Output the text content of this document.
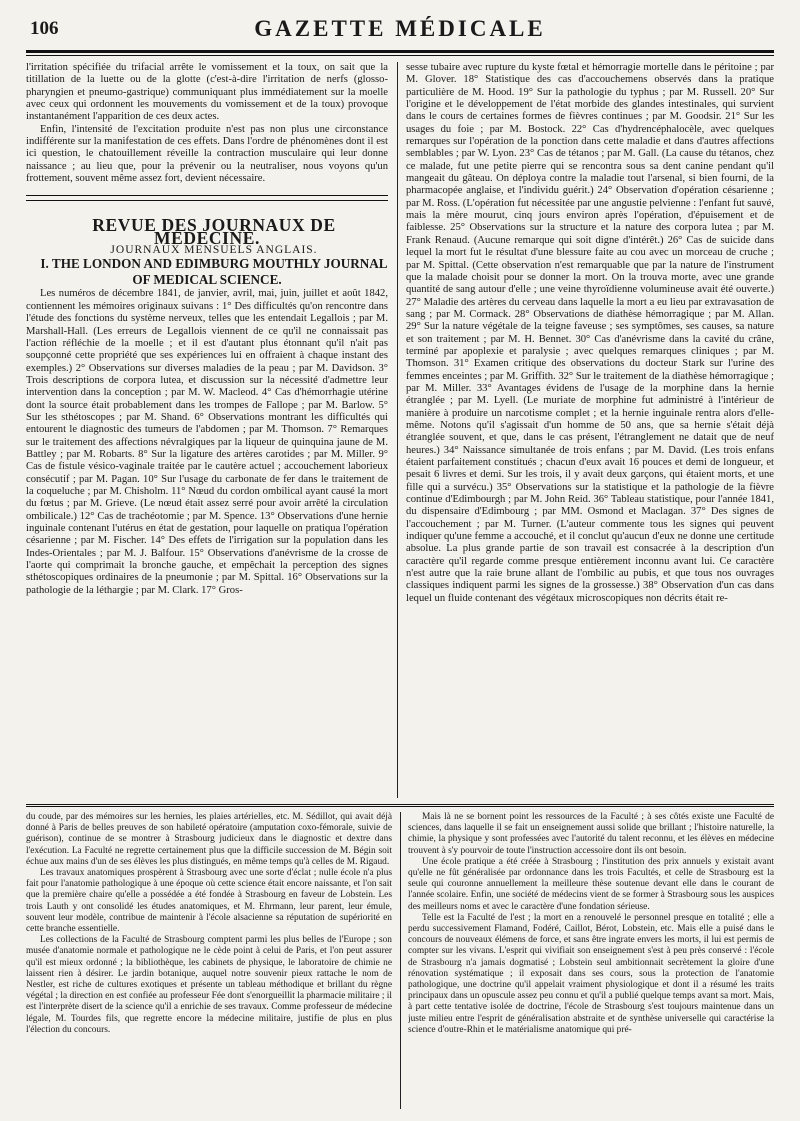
106	GAZETTE MÉDICALE

l'irritation spécifiée du trifacial arrête le vomissement et la toux, on sait que la titillation de la luette ou de la glotte (c'est-à-dire l'irritation de nerfs (glosso-pharyngien et pneumo-gastrique) communiquant plus immédiatement sur la moelle avec ceux qui ordonnent les mouvements du vomissement et de la toux) provoque instantanément l'apparition de ces deux actes.

Enfin, l'intensité de l'excitation produite n'est pas non plus une circonstance indifférente sur la manifestation de ces effets. Dans l'ordre de phénomènes dont il est ici question, le chatouillement réveille la contraction musculaire qui leur donne naissance ; au lieu que, pour la prévenir ou la neutraliser, nous voyons qu'un frottement, souvent même assez fort, devient nécessaire.

REVUE DES JOURNAUX DE MÉDECINE.

JOURNAUX MENSUELS ANGLAIS.

I. THE LONDON AND EDIMBURG MOUTHLY JOURNAL OF MEDICAL SCIENCE.

Les numéros de décembre 1841, de janvier, avril, mai, juin, juillet et août 1842, contiennent les mémoires originaux suivans : 1° Des difficultés qu'on rencontre dans l'étude des fonctions du système nerveux, telles que les entendait Legallois ; par M. Marshall-Hall. (Les erreurs de Legallois viennent de ce qu'il ne connaissait pas l'action réfléchie de la moelle ; et il est d'autant plus étonnant qu'il n'ait pas soupçonné cette propriété que ses expériences lui en offraient à chaque instant des exemples.) 2° Observations sur diverses maladies de la peau ; par M. Davidson. 3° Trois descriptions de corpora lutea, et discussion sur la nécessité d'admettre leur intervention dans la conception ; par M. W. Macleod. 4° Cas d'hémorrhagie utérine dont la source était probablement dans les trompes de Fallope ; par M. Barlow. 5° Sur les sthétoscopes ; par M. Shand. 6° Observations montrant les difficultés qui entourent le diagnostic des tumeurs de l'abdomen ; par M. Thomson. 7° Remarques sur le traitement des affections névralgiques par la liqueur de quinquina jaune de M. Battley ; par M. Robarts. 8° Sur la ligature des artères carotides ; par M. Miller. 9° Cas de fistule vésico-vaginale traitée par le cautère actuel ; accouchement laborieux consécutif ; par M. Pagan. 10° Sur l'usage du carbonate de fer dans le traitement de la coqueluche ; par M. Chisholm. 11° Nœud du cordon ombilical ayant causé la mort du fœtus ; par M. Grieve. (Le nœud était assez serré pour avoir arrêté la circulation ombilicale.) 12° Cas de trachéotomie ; par M. Spence. 13° Observations d'une hernie inguinale contenant l'utérus en état de gestation, pour laquelle on pratiqua l'opération césarienne ; par M. Fischer. 14° Des effets de l'irrigation sur la population dans les Indes-Orientales ; par M. J. Balfour. 15° Observations d'anévrisme de la crosse de l'aorte qui comprimait la bronche gauche, et empêchait la perception des signes sthétoscopiques ordinaires de la pneumonie ; par M. Spittal. 16° Observations sur la pathologie de la léthargie ; par M. Clark. 17° Gros-

sesse tubaire avec rupture du kyste fœtal et hémorragie mortelle dans le péritoine ; par M. Glover. 18° Statistique des cas d'accouchemens observés dans la pratique particulière de M. Hood. 19° Sur la pathologie du typhus ; par M. Russell. 20° Sur l'origine et le développement de l'état morbide des glandes intestinales, qui survient dans le cours de certaines formes de fièvres continues ; par M. Goodsir. 21° Sur les usages du foie ; par M. Bostock. 22° Cas d'hydrencéphalocèle, avec quelques remarques sur l'opération de la ponction dans cette maladie et dans d'autres affections semblables ; par W. Lyon. 23° Cas de tétanos ; par M. Gall. (La cause du tétanos, chez ce malade, fut une petite pierre qui se rencontra sous sa dent canine pendant qu'il mangeait du gâteau. On déploya contre la maladie tout l'arsenal, si bien fourni, de la pharmacopée anglaise, et l'individu guérit.) 24° Observation d'opération césarienne ; par M. Ross. (L'opération fut nécessitée par une angustie pelvienne : l'enfant fut sauvé, mais la mère mourut, cinq jours environ après l'opération, d'épuisement et de faiblesse. 25° Observations sur la structure et la nature des corpora lutea ; par M. Frank Renaud. (Aucune remarque qui soit digne d'intérêt.) 26° Cas de suicide dans lequel la mort fut le résultat d'une blessure faite au cou avec un morceau de cruche ; par M. Spittal. (Cette observation n'est remarquable que par la nature de l'instrument que la malade choisit pour se donner la mort. On la trouva morte, avec une grande quantité de sang autour d'elle ; une veine thyroïdienne volumineuse avait été ouverte.) 27° Maladie des artères du cerveau dans laquelle la mort a eu lieu par extravasation de sang ; par M. Cormack. 28° Observations de diathèse hémorragique ; par M. Allan. 29° Sur la nature végétale de la teigne faveuse ; ses symptômes, ses causes, sa nature et son traitement ; par M. H. Bennet. 30° Cas d'anévrisme dans la cavité du crâne, terminé par apoplexie et paralysie ; avec quelques remarques cliniques ; par M. Thomson. 31° Examen critique des observations du docteur Stark sur l'urine des femmes enceintes ; par M. Griffith. 32° Sur le traitement de la diathèse hémorragique ; par M. Miller. 33° Avantages évidens de l'usage de la morphine dans la hernie étranglée ; par M. Lyell. (Le muriate de morphine fut administré à l'intérieur de manière à produire un narcotisme complet ; et la hernie inguinale rentra alors d'elle-même. Notons qu'il s'agissait d'un homme de 50 ans, que sa hernie s'était déjà étranglée souvent, et que, dans le cas présent, l'étranglement ne datait que de neuf heures.) 34° Naissance simultanée de trois enfans ; par M. David. (Les trois enfans étaient parfaitement constitués ; chacun d'eux avait 16 pouces et demi de longueur, et pesait 6 livres et demi. Sur les trois, il y avait deux garçons, qui étaient morts, et une fille qui a survécu.) 35° Observations sur la statistique et la pathologie de la fièvre continue d'Edimbourgh ; par M. John Reid. 36° Tableau statistique, pour l'année 1841, du dispensaire d'Edimbourg ; par MM. Osmond et Maclagan. 37° Des signes de l'accouchement ; par M. Turner. (L'auteur commente tous les signes qui peuvent indiquer qu'une femme a accouché, et il conclut qu'aucun d'eux ne donne une certitude absolue. La plus grande partie de son travail est consacrée à la description d'un caractère qu'il regarde comme presque entièrement inconnu avant lui. Ce caractère n'est autre que la raie brune allant de l'ombilic au pubis, et que tous nos ouvrages classiques indiquent parmi les signes de la grossesse.) 38° Observation d'un cas dans lequel un fluide contenant des végétaux microscopiques non décrits était re-

du coude, par des mémoires sur les hernies, les plaies artérielles, etc. M. Sédillot, qui avait déjà donné à Paris de belles preuves de son habileté opératoire (amputation coxo-fémorale, suivie de guérison), continue de se montrer à Strasbourg judicieux dans le diagnostic et dextre dans l'exécution. La Faculté ne regrette certainement plus que la difficile succession de M. Bégin soit échue aux mains d'un de ses élèves les plus distingués, en même temps qu'à celles de M. Rigaud.

Les travaux anatomiques prospèrent à Strasbourg avec une sorte d'éclat ; nulle école n'a plus fait pour l'anatomie pathologique à une époque où cette science était encore naissante, et l'on sait que la première chaire qu'elle a possédée a été fondée à Strasbourg en faveur de Lobstein. Les trois Lauth y ont consolidé les études anatomiques, et M. Ehrmann, leur parent, leur émule, souvent leur modèle, contribue de maintenir à l'école alsacienne sa réputation de supériorité en cette branche essentielle.

Les collections de la Faculté de Strasbourg comptent parmi les plus belles de l'Europe ; son musée d'anatomie normale et pathologique ne le cède point à celui de Paris, et l'on peut assurer qu'il est mieux ordonné ; la bibliothèque, les cabinets de physique, le laboratoire de chimie ne laissent rien à désirer. Le jardin botanique, auquel notre souvenir pieux rattache le nom de Nestler, est riche de cultures exotiques et présente un tableau méthodique et brillant du règne végétal ; la direction en est confiée au professeur Fée dont s'enorgueillit la pharmacie militaire ; il est l'interprète disert de la science qu'il a enrichie de ses travaux. Comme professeur de médecine légale, M. Tourdes fils, que regrette encore la médecine militaire, justifie de plus en plus l'élection du concours.

Mais là ne se bornent point les ressources de la Faculté ; à ses côtés existe une Faculté de sciences, dans laquelle il se fait un enseignement aussi solide que brillant ; l'histoire naturelle, la chimie, la physique y sont professées avec l'autorité du talent reconnu, et les élèves en médecine trouvent à s'y pourvoir de toute l'instruction accessoire dont ils ont besoin.

Une école pratique a été créée à Strasbourg ; l'institution des prix annuels y existait avant qu'elle ne fût généralisée par ordonnance dans les trois Facultés, et celle de Strasbourg est la seule qui couronne annuellement la meilleure thèse soutenue devant elle dans le courant de l'année scolaire. Enfin, une société de médecins vient de se former à Strasbourg sous les auspices des meilleurs noms et avec le caractère d'une fondation sérieuse.

Telle est la Faculté de l'est ; la mort en a renouvelé le personnel presque en totalité ; elle a perdu successivement Flamand, Fodéré, Caillot, Bérot, Lobstein, etc. Mais elle a puisé dans le concours de nouveaux élémens de force, et sans être ingrate envers les morts, il lui est permis de compter sur les vivans. L'esprit qui vivifiait son enseignement s'est à peu près conservé : l'école de Strasbourg n'a jamais dogmatisé ; Lobstein seul ambitionnait secrètement la gloire d'une rénovation systématique ; il exposait dans ses cours, sous la protection de l'anatomie pathologique, une doctrine qu'il appelait vraiment physiologique et dont il a résumé les traits principaux dans un opuscule assez peu connu et qu'il a publié quelque temps avant sa mort. Mais, à part cette tentative isolée de doctrine, l'école de Strasbourg s'est toujours maintenue dans un juste milieu entre l'esprit de généralisation abstraite et de synthèse universelle qui caractérise la science d'outre-Rhin et le matérialisme anatomique qui pré-
